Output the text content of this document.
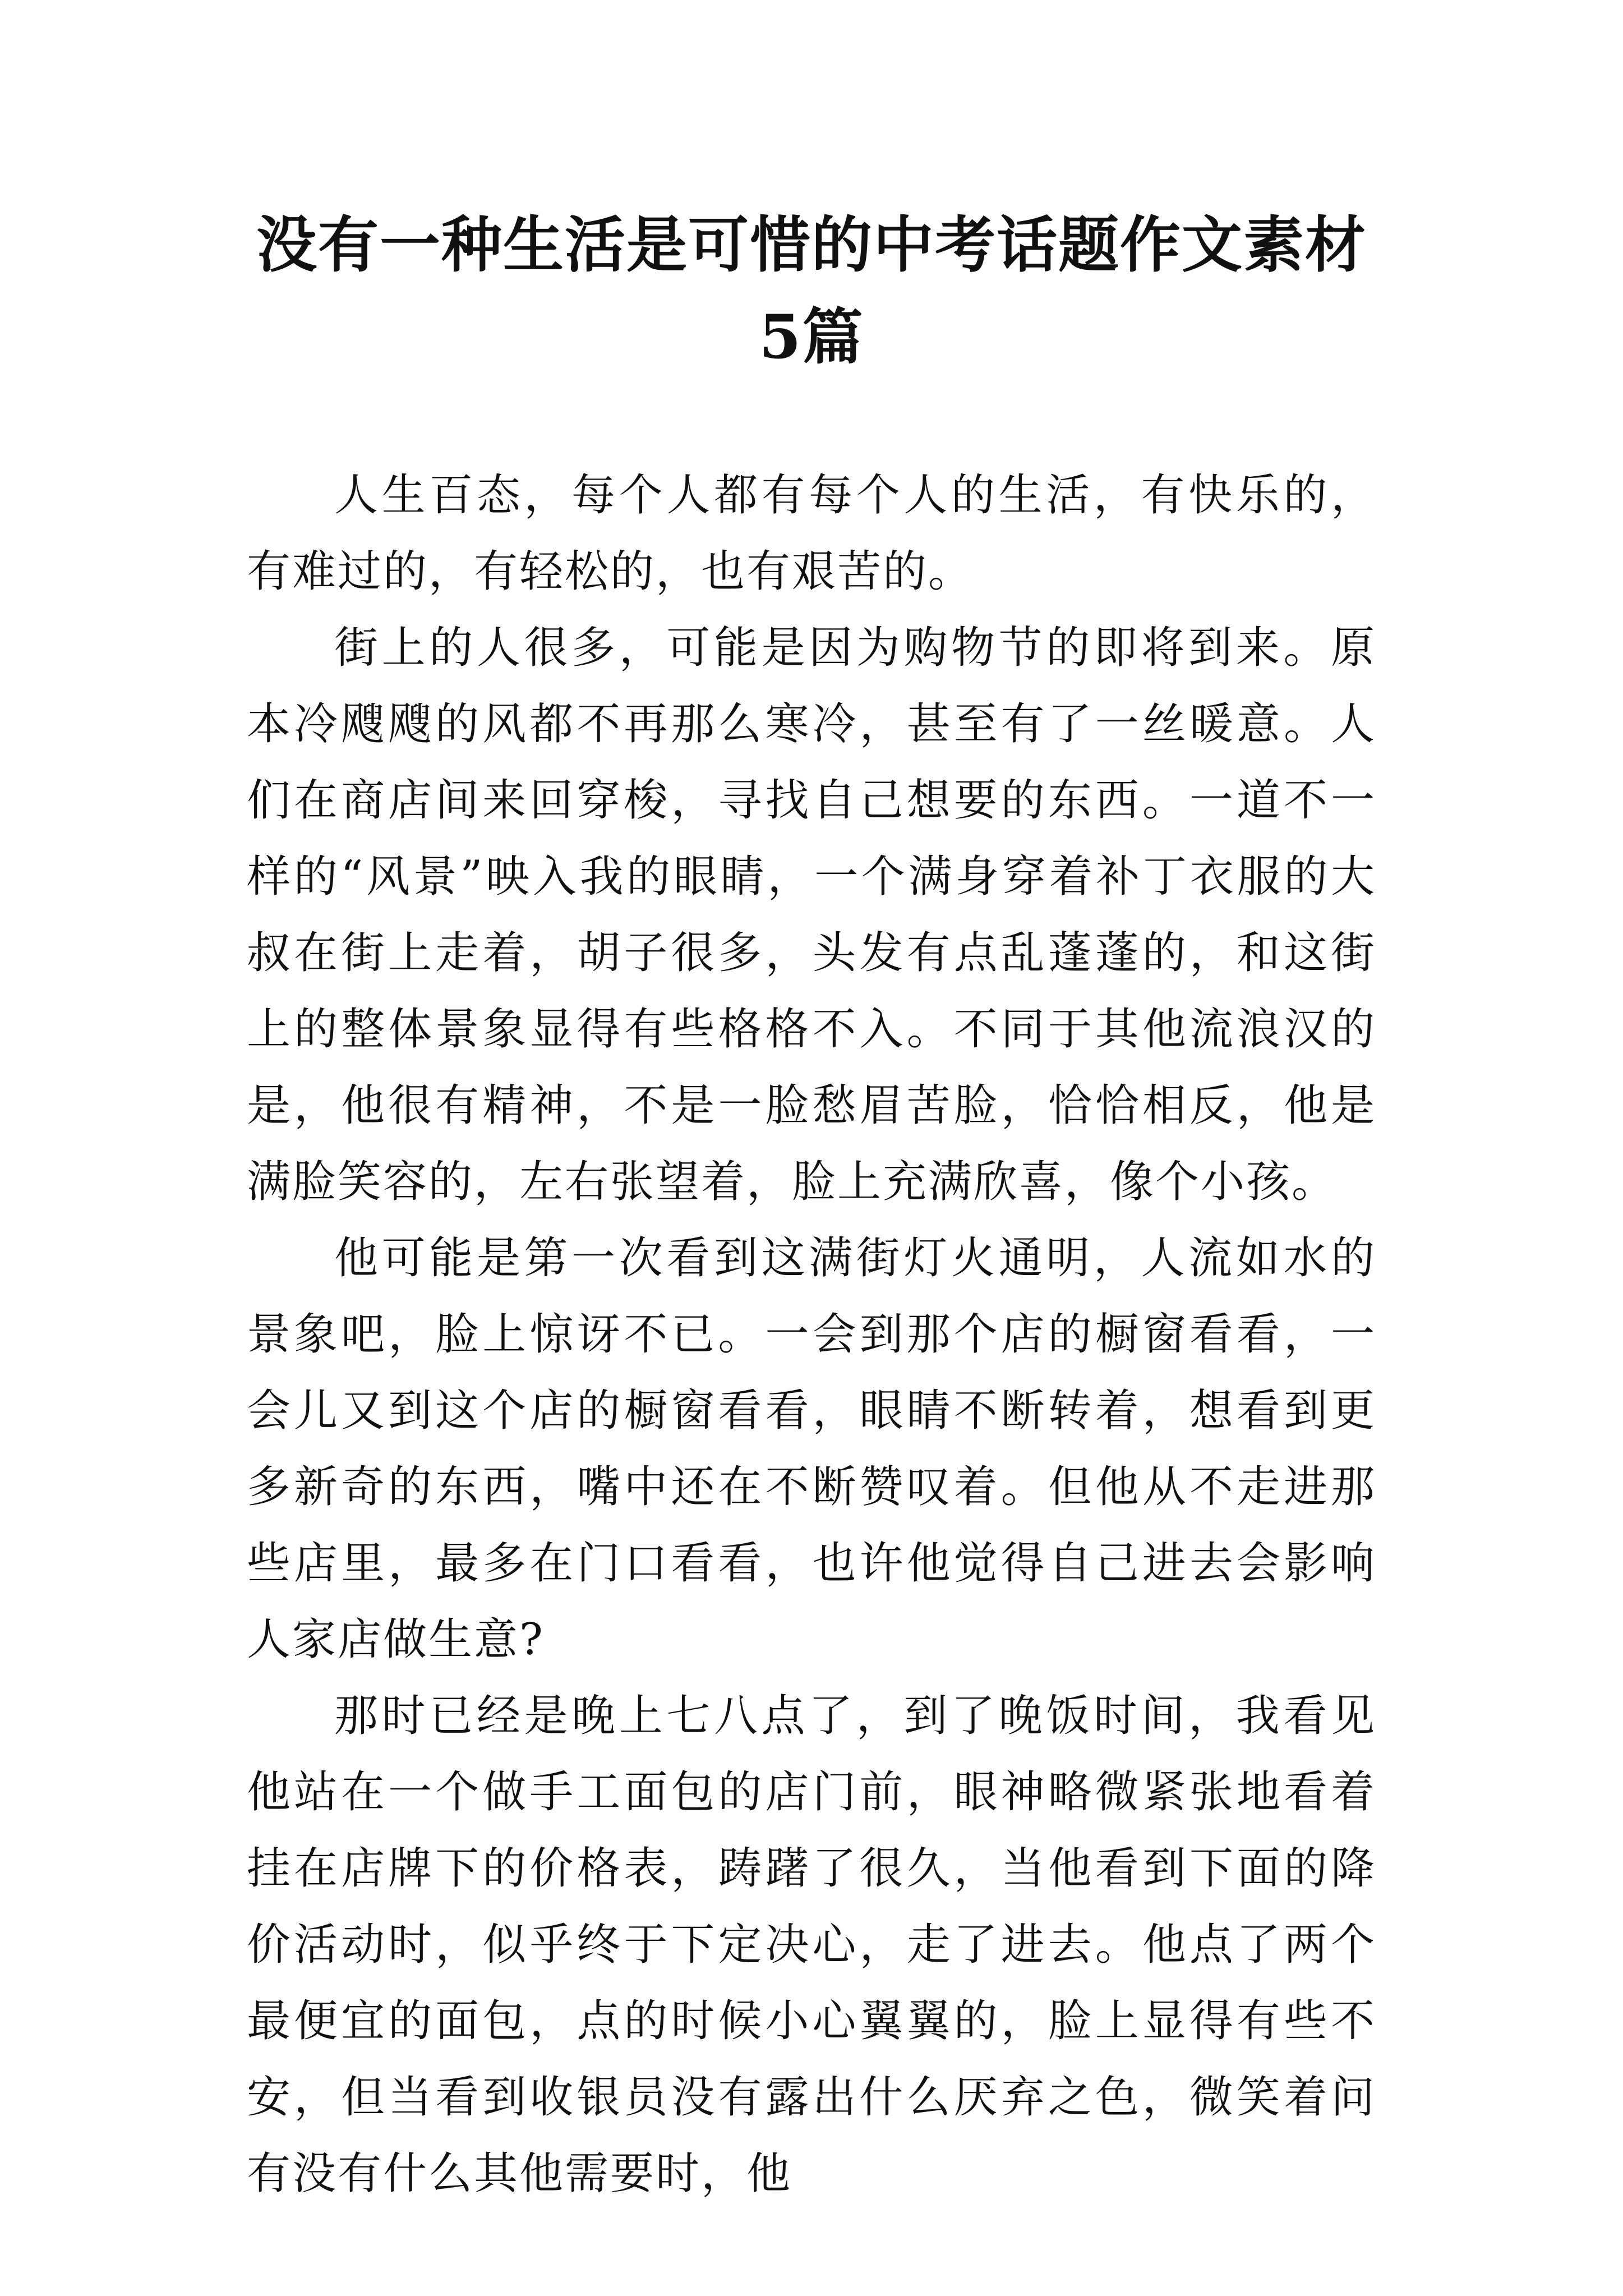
没有一种生活是可惜的中考话题作文素材
5篇

人生百态，每个人都有每个人的生活，有快乐的，有难过的，有轻松的，也有艰苦的。

街上的人很多，可能是因为购物节的即将到来。原本冷飕飕的风都不再那么寒冷，甚至有了一丝暖意。人们在商店间来回穿梭，寻找自己想要的东西。一道不一样的“风景”映入我的眼睛，一个满身穿着补丁衣服的大叔在街上走着，胡子很多，头发有点乱蓬蓬的，和这街上的整体景象显得有些格格不入。不同于其他流浪汉的是，他很有精神，不是一脸愁眉苦脸，恰恰相反，他是满脸笑容的，左右张望着，脸上充满欣喜，像个小孩。

他可能是第一次看到这满街灯火通明，人流如水的景象吧，脸上惊讶不已。一会到那个店的橱窗看看，一会儿又到这个店的橱窗看看，眼睛不断转着，想看到更多新奇的东西，嘴中还在不断赞叹着。但他从不走进那些店里，最多在门口看看，也许他觉得自己进去会影响人家店做生意?

那时已经是晚上七八点了，到了晚饭时间，我看见他站在一个做手工面包的店门前，眼神略微紧张地看着挂在店牌下的价格表，踌躇了很久，当他看到下面的降价活动时，似乎终于下定决心，走了进去。他点了两个最便宜的面包，点的时候小心翼翼的，脸上显得有些不安，但当看到收银员没有露出什么厌弃之色，微笑着问有没有什么其他需要时，他
